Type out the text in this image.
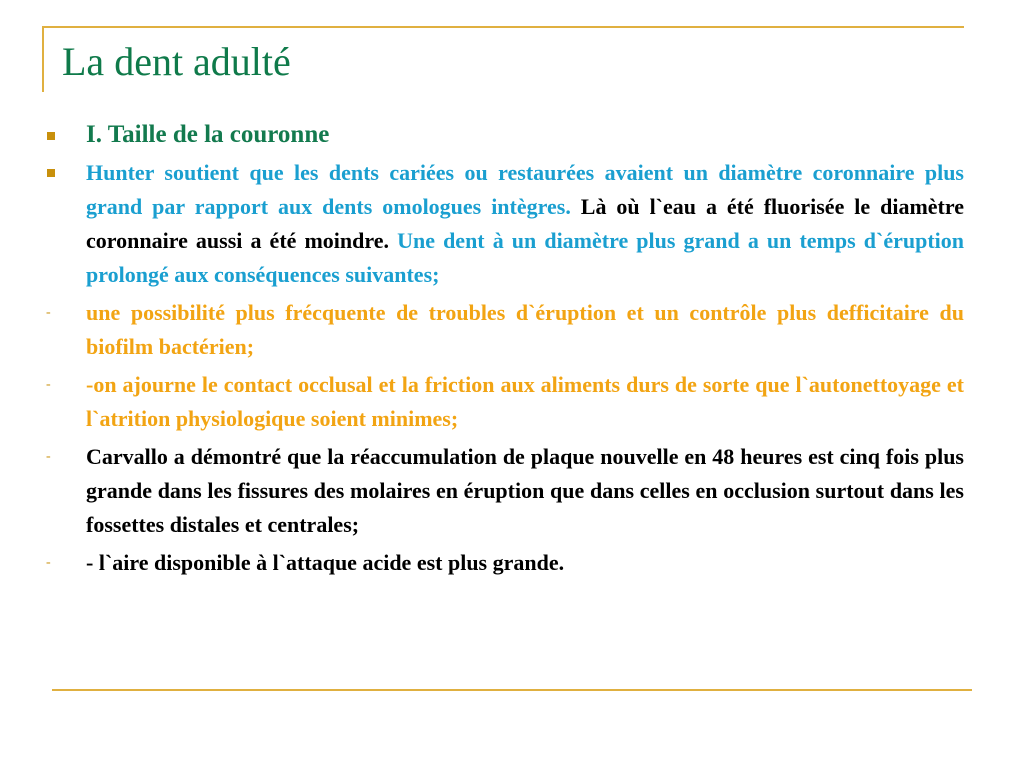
La dent adulté
I. Taille de la couronne
Hunter soutient que les dents cariées ou restaurées avaient un diamètre coronnaire plus grand par rapport aux dents omologues intègres. Là où l`eau a été fluorisée le diamètre coronnaire aussi a été moindre. Une dent à un diamètre plus grand a un temps d`éruption prolongé aux conséquences suivantes;
- une possibilité plus frécquente de troubles d`éruption et un contrôle plus defficitaire du biofilm bactérien;
- -on ajourne le contact occlusal et la friction aux aliments durs de sorte que l`autonettoyage et l`atrition physiologique soient minimes;
- Carvallo a démontré que la réaccumulation de plaque nouvelle en 48 heures est cinq fois plus grande dans les fissures des molaires en éruption que dans celles en occlusion surtout dans les fossettes distales et centrales;
- - l`aire disponible à l`attaque acide est plus grande.
